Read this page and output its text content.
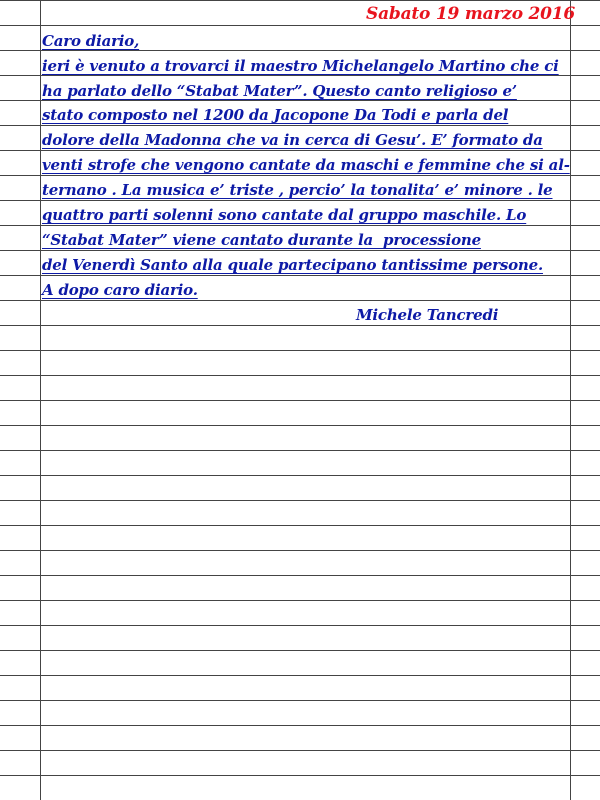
Sabato 19 marzo 2016
Caro diario,
ieri è venuto a trovarci il maestro Michelangelo Martino che ci
ha parlato dello “Stabat Mater”. Questo canto religioso e’
stato composto nel 1200 da Jacopone Da Todi e parla del
dolore della Madonna che va in cerca di Gesu’. E’ formato da
venti strofe che vengono cantate da maschi e femmine che si al-
ternano . La musica e’ triste , percio’ la tonalita’ e’ minore . le
quattro parti solenni sono cantate dal gruppo maschile. Lo
“Stabat Mater” viene cantato durante la  processione
del Venerdì Santo alla quale partecipano tantissime persone.
A dopo caro diario.
Michele Tancredi
